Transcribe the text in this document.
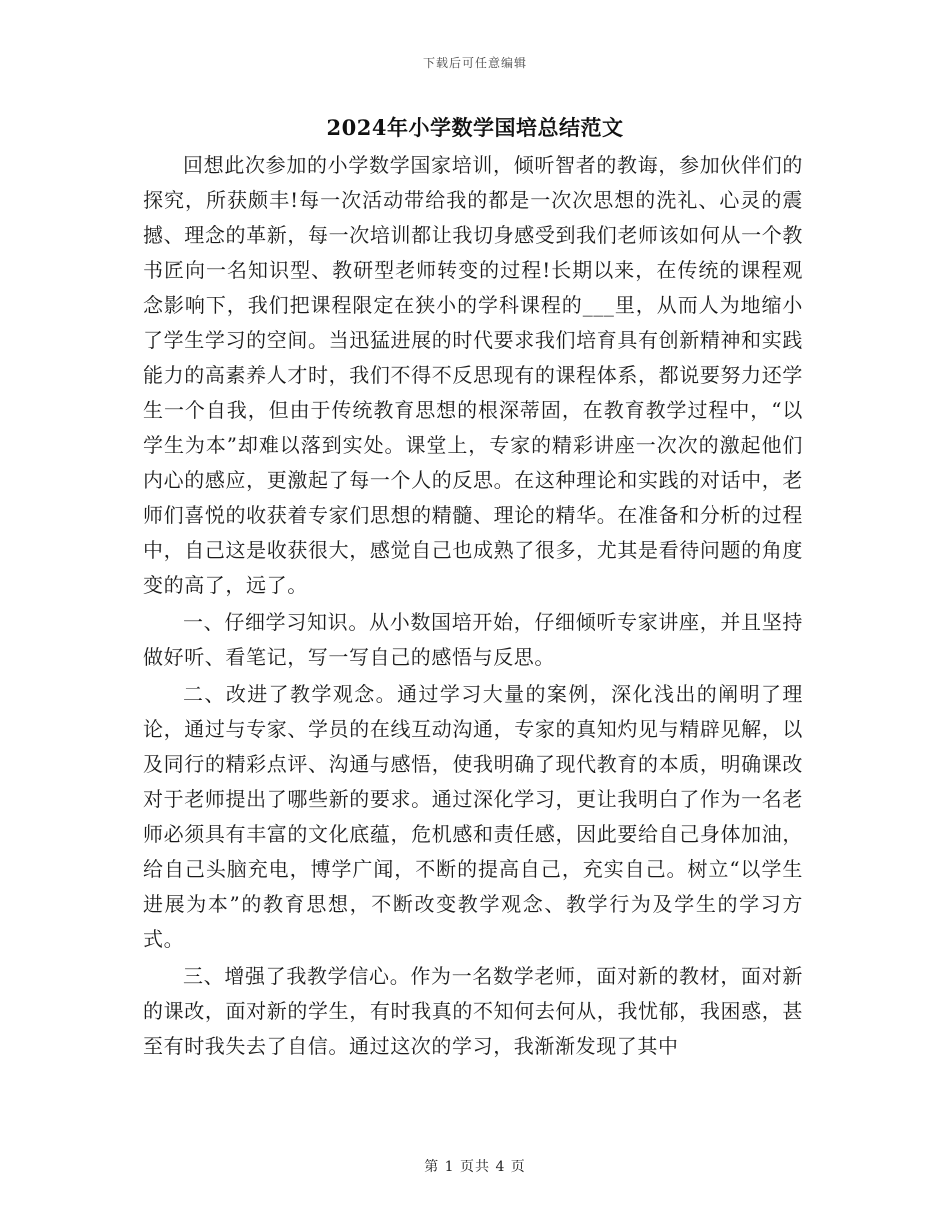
下载后可任意编辑
2024年小学数学国培总结范文

回想此次参加的小学数学国家培训，倾听智者的教诲，参加伙伴们的探究，所获颇丰!每一次活动带给我的都是一次次思想的洗礼、心灵的震撼、理念的革新，每一次培训都让我切身感受到我们老师该如何从一个教书匠向一名知识型、教研型老师转变的过程!长期以来，在传统的课程观念影响下，我们把课程限定在狭小的学科课程的___里，从而人为地缩小了学生学习的空间。当迅猛进展的时代要求我们培育具有创新精神和实践能力的高素养人才时，我们不得不反思现有的课程体系，都说要努力还学生一个自我，但由于传统教育思想的根深蒂固，在教育教学过程中，“以学生为本”却难以落到实处。课堂上，专家的精彩讲座一次次的激起他们内心的感应，更激起了每一个人的反思。在这种理论和实践的对话中，老师们喜悦的收获着专家们思想的精髓、理论的精华。在准备和分析的过程中，自己这是收获很大，感觉自己也成熟了很多，尤其是看待问题的角度变的高了，远了。

一、仔细学习知识。从小数国培开始，仔细倾听专家讲座，并且坚持做好听、看笔记，写一写自己的感悟与反思。

二、改进了教学观念。通过学习大量的案例，深化浅出的阐明了理论，通过与专家、学员的在线互动沟通，专家的真知灼见与精辟见解，以及同行的精彩点评、沟通与感悟，使我明确了现代教育的本质，明确课改对于老师提出了哪些新的要求。通过深化学习，更让我明白了作为一名老师必须具有丰富的文化底蕴，危机感和责任感，因此要给自己身体加油，给自己头脑充电，博学广闻，不断的提高自己，充实自己。树立“以学生进展为本”的教育思想，不断改变教学观念、教学行为及学生的学习方式。

三、增强了我教学信心。作为一名数学老师，面对新的教材，面对新的课改，面对新的学生，有时我真的不知何去何从，我忧郁，我困惑，甚至有时我失去了自信。通过这次的学习，我渐渐发现了其中

第 1 页共 4 页
